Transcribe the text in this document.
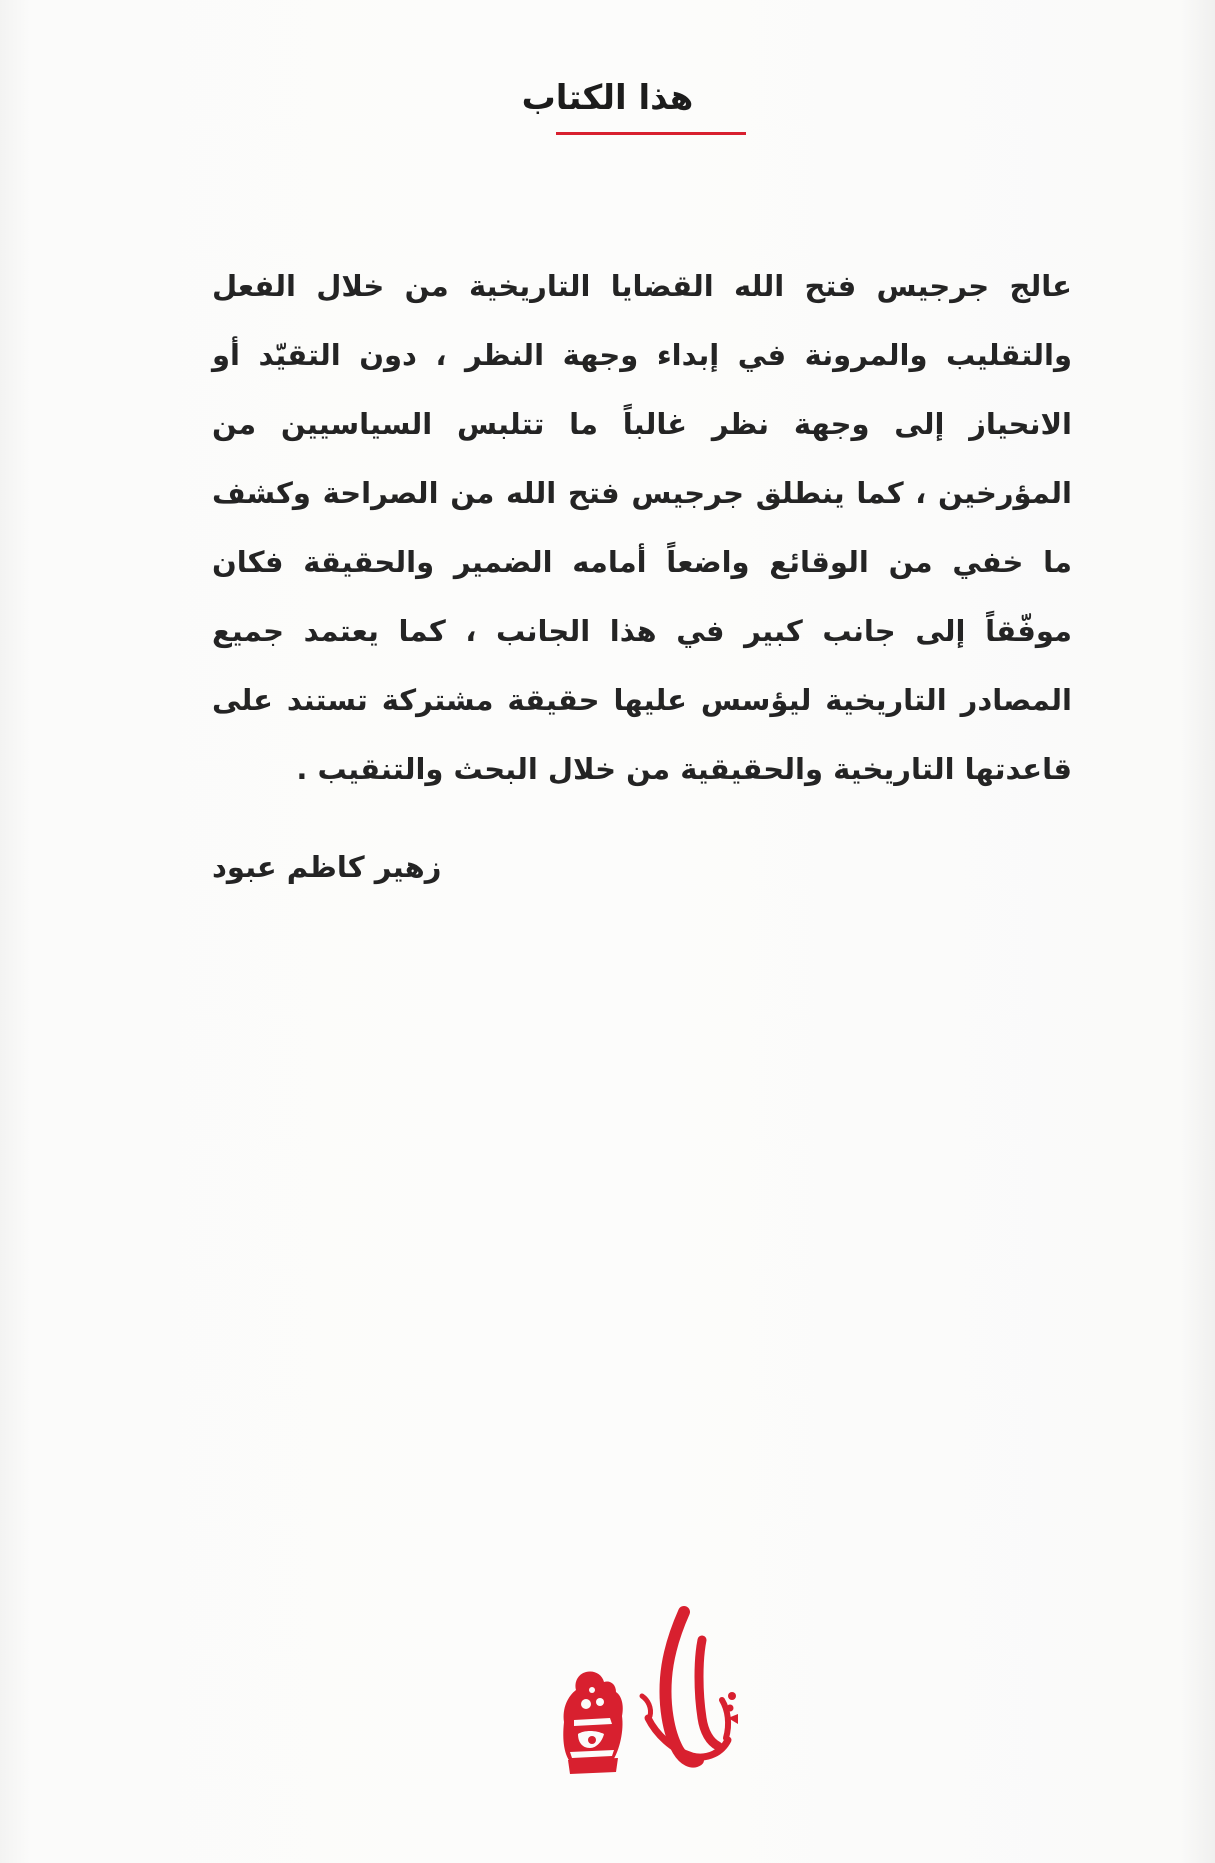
هذا الكتاب
عالج جرجيس فتح الله القضايا التاريخية من خلال الفعل والتقليب والمرونة في إبداء وجهة النظر ، دون التقيّد أو الانحياز إلى وجهة نظر غالباً ما تتلبس السياسيين من المؤرخين ، كما ينطلق جرجيس فتح الله من الصراحة وكشف ما خفي من الوقائع واضعاً أمامه الضمير والحقيقة فكان موفّقاً إلى جانب كبير في هذا الجانب ، كما يعتمد جميع المصادر التاريخية ليؤسس عليها حقيقة مشتركة تستند على قاعدتها التاريخية والحقيقية من خلال البحث والتنقيب .
زهير كاظم عبود
